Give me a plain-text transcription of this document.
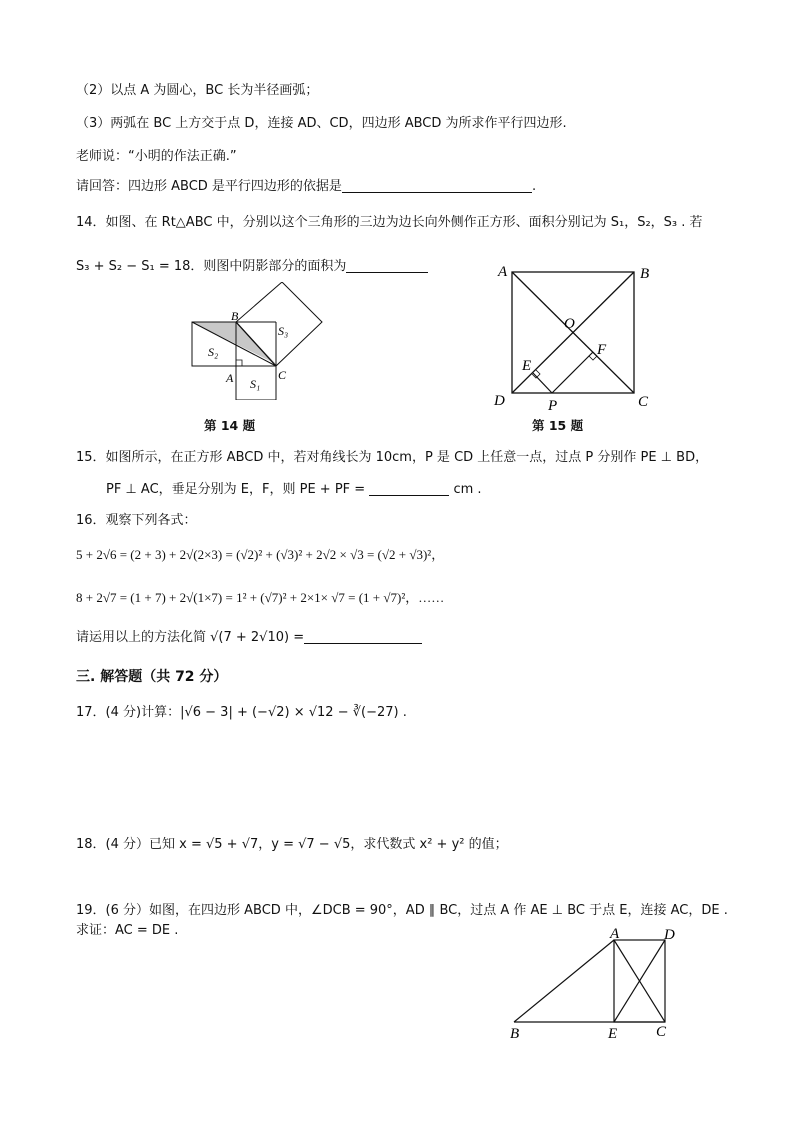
（2）以点 A 为圆心，BC 长为半径画弧；
（3）两弧在 BC 上方交于点 D，连接 AD、CD，四边形 ABCD 为所求作平行四边形.
老师说：“小明的作法正确.”
请回答：四边形 ABCD 是平行四边形的依据是	.
14．如图、在 Rt△ABC 中，分别以这个三角形的三边为边长向外侧作正方形、面积分别记为 S₁，S₂，S₃ . 若
S₃ + S₂ − S₁ = 18．则图中阴影部分的面积为
B
A	C
S₁
S₂
S₃
第 14 题
A	B
C
D
O
E
F
P
第 15 题
15．如图所示，在正方形 ABCD 中，若对角线长为 10cm，P 是 CD 上任意一点，过点 P 分别作 PE ⊥ BD，
PF ⊥ AC，垂足分别为 E，F，则 PE + PF =	cm .
16．观察下列各式：
5 + 2√6 = (2 + 3) + 2√(2×3) = (√2)² + (√3)² + 2√2 × √3 = (√2 + √3)²，
8 + 2√7 = (1 + 7) + 2√(1×7) = 1² + (√7)² + 2×1× √7 = (1 + √7)²，……
请运用以上的方法化简 √(7 + 2√10) =
三. 解答题（共 72 分）
17．(4 分)计算：|√6 − 3| + (−√2) × √12 − ∛(−27) .
18．(4 分）已知 x = √5 + √7，y = √7 − √5，求代数式 x² + y² 的值；
19．(6 分）如图，在四边形 ABCD 中，∠DCB = 90°，AD ∥ BC，过点 A 作 AE ⊥ BC 于点 E，连接 AC，DE .
求证：AC = DE .	A	D
B	E	C
